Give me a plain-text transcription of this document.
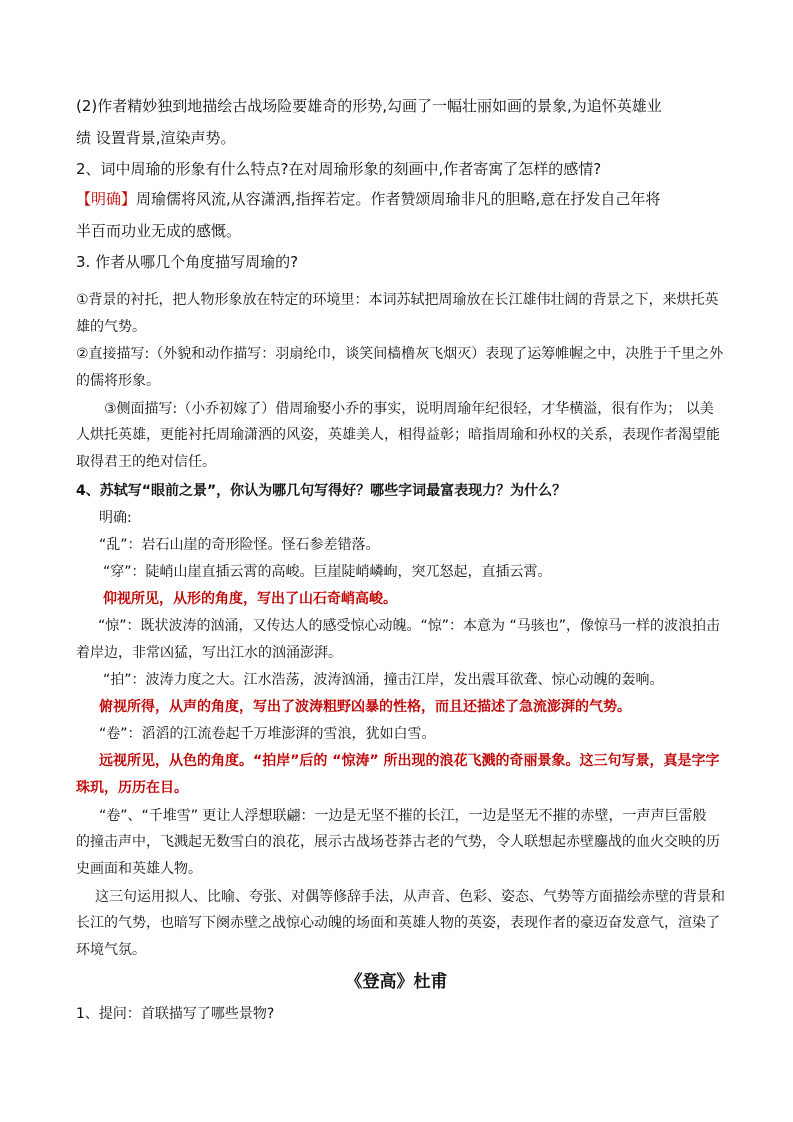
(2)作者精妙独到地描绘古战场险要雄奇的形势,勾画了一幅壮丽如画的景象,为追怀英雄业
绩 设置背景,渲染声势。
2、词中周瑜的形象有什么特点?在对周瑜形象的刻画中,作者寄寓了怎样的感情?
【明确】周瑜儒将风流,从容潇洒,指挥若定。作者赞颂周瑜非凡的胆略,意在抒发自己年将
半百而功业无成的感慨。
3. 作者从哪几个角度描写周瑜的?
①背景的衬托，把人物形象放在特定的环境里：本词苏轼把周瑜放在长江雄伟壮阔的背景之下，来烘托英
雄的气势。
②直接描写:（外貌和动作描写：羽扇纶巾，谈笑间樯橹灰飞烟灭）表现了运筹帷幄之中，决胜于千里之外
的儒将形象。
③侧面描写:（小乔初嫁了）借周瑜娶小乔的事实，说明周瑜年纪很轻，才华横溢，很有作为； 以美
人烘托英雄，更能衬托周瑜潇洒的风姿，英雄美人，相得益彰；暗指周瑜和孙权的关系，表现作者渴望能
取得君王的绝对信任。
4、苏轼写“眼前之景”，你认为哪几句写得好？哪些字词最富表现力？为什么？
明确:
“乱”：岩石山崖的奇形险怪。怪石参差错落。
“穿”：陡峭山崖直插云霄的高峻。巨崖陡峭嶙峋，突兀怒起，直插云霄。
仰视所见，从形的角度，写出了山石奇峭高峻。
“惊”：既状波涛的汹涌，又传达人的感受惊心动魄。“惊”：本意为 “马骇也”，像惊马一样的波浪拍击
着岸边，非常凶猛，写出江水的汹涌澎湃。
“拍”：波涛力度之大。江水浩荡，波涛汹涌，撞击江岸，发出震耳欲聋、惊心动魄的轰响。
俯视所得，从声的角度，写出了波涛粗野凶暴的性格，而且还描述了急流澎湃的气势。
“卷”：滔滔的江流卷起千万堆澎湃的雪浪，犹如白雪。
远视所见，从色的角度。“拍岸”后的 “惊涛” 所出现的浪花飞溅的奇丽景象。这三句写景，真是字字
珠玑，历历在目。
“卷”、“千堆雪” 更让人浮想联翩：一边是无坚不摧的长江，一边是坚无不摧的赤壁，一声声巨雷般
的撞击声中，飞溅起无数雪白的浪花，展示古战场苍莽古老的气势，令人联想起赤壁鏖战的血火交映的历
史画面和英雄人物。
这三句运用拟人、比喻、夸张、对偶等修辞手法，从声音、色彩、姿态、气势等方面描绘赤壁的背景和
长江的气势，也暗写下阕赤壁之战惊心动魄的场面和英雄人物的英姿，表现作者的豪迈奋发意气，渲染了
环境气氛。
《登高》杜甫
1、提问：首联描写了哪些景物?
